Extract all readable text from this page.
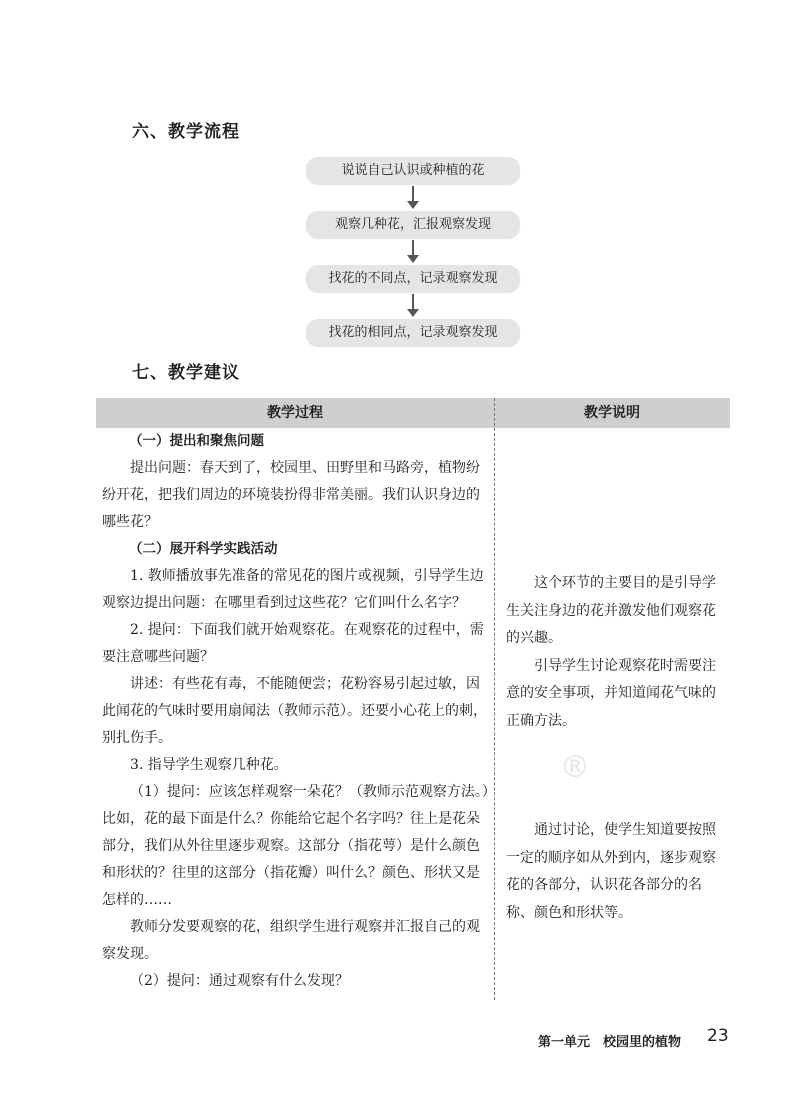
六、教学流程
说说自己认识或种植的花
观察几种花，汇报观察发现
找花的不同点，记录观察发现
找花的相同点，记录观察发现
七、教学建议
教学过程	教学说明

（一）提出和聚焦问题

提出问题：春天到了，校园里、田野里和马路旁，植物纷纷开花，把我们周边的环境装扮得非常美丽。我们认识身边的哪些花？

（二）展开科学实践活动

1. 教师播放事先准备的常见花的图片或视频，引导学生边观察边提出问题：在哪里看到过这些花？它们叫什么名字？

2. 提问：下面我们就开始观察花。在观察花的过程中，需要注意哪些问题？

讲述：有些花有毒，不能随便尝；花粉容易引起过敏，因此闻花的气味时要用扇闻法（教师示范）。还要小心花上的刺，别扎伤手。

3. 指导学生观察几种花。

（1）提问：应该怎样观察一朵花？（教师示范观察方法。）比如，花的最下面是什么？你能给它起个名字吗？往上是花朵部分，我们从外往里逐步观察。这部分（指花萼）是什么颜色和形状的？往里的这部分（指花瓣）叫什么？颜色、形状又是怎样的……

教师分发要观察的花，组织学生进行观察并汇报自己的观察发现。

（2）提问：通过观察有什么发现？

这个环节的主要目的是引导学生关注身边的花并激发他们观察花的兴趣。

引导学生讨论观察花时需要注意的安全事项，并知道闻花气味的正确方法。

通过讨论，使学生知道要按照一定的顺序如从外到内，逐步观察花的各部分，认识花各部分的名称、颜色和形状等。

®
第一单元　校园里的植物 23
